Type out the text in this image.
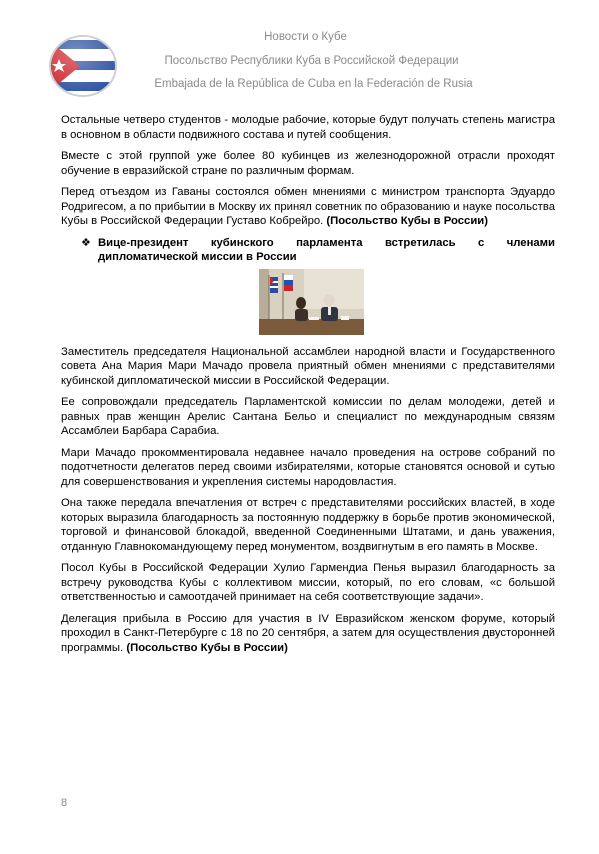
Новости о Кубе
Посольство Республики Куба в Российской Федерации
Embajada de la República de Cuba en la Federación de Rusia

Остальные четверо студентов - молодые рабочие, которые будут получать степень магистра в основном в области подвижного состава и путей сообщения.

Вместе с этой группой уже более 80 кубинцев из железнодорожной отрасли проходят обучение в евразийской стране по различным формам.

Перед отъездом из Гаваны состоялся обмен мнениями с министром транспорта Эдуардо Родригесом, а по прибытии в Москву их принял советник по образованию и науке посольства Кубы в Российской Федерации Густаво Кобрейро. (Посольство Кубы в России)

❖ Вице-президент кубинского парламента встретилась с членами дипломатической миссии в России

Заместитель председателя Национальной ассамблеи народной власти и Государственного совета Ана Мария Мари Мачадо провела приятный обмен мнениями с представителями кубинской дипломатической миссии в Российской Федерации.

Ее сопровождали председатель Парламентской комиссии по делам молодежи, детей и равных прав женщин Арелис Сантана Бельо и специалист по международным связям Ассамблеи Барбара Сарабиа.

Мари Мачадо прокомментировала недавнее начало проведения на острове собраний по подотчетности делегатов перед своими избирателями, которые становятся основой и сутью для совершенствования и укрепления системы народовластия.

Она также передала впечатления от встреч с представителями российских властей, в ходе которых выразила благодарность за постоянную поддержку в борьбе против экономической, торговой и финансовой блокадой, введенной Соединенными Штатами, и дань уважения, отданную Главнокомандующему перед монументом, воздвигнутым в его память в Москве.

Посол Кубы в Российской Федерации Хулио Гармендиа Пенья выразил благодарность за встречу руководства Кубы с коллективом миссии, который, по его словам, «с большой ответственностью и самоотдачей принимает на себя соответствующие задачи».

Делегация прибыла в Россию для участия в IV Евразийском женском форуме, который проходил в Санкт-Петербурге с 18 по 20 сентября, а затем для осуществления двусторонней программы. (Посольство Кубы в России)

8
